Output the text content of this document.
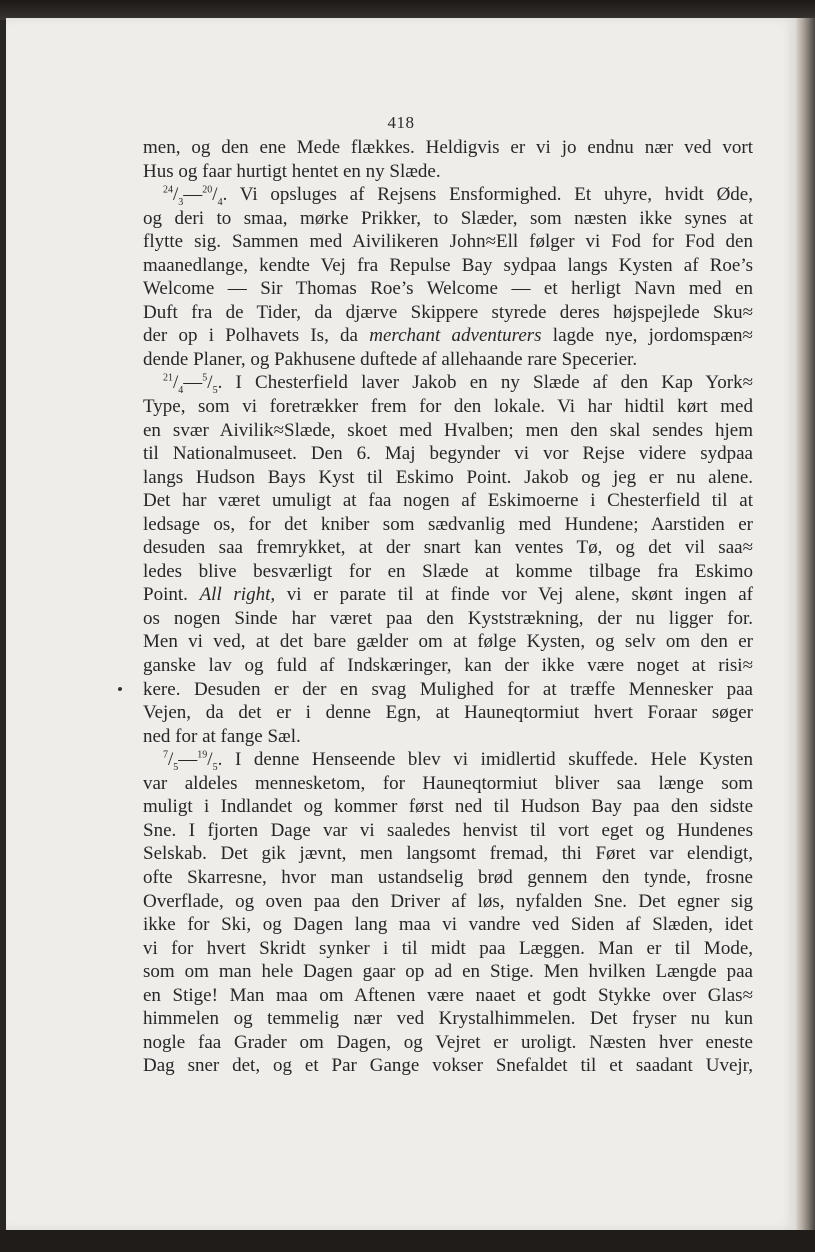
418
men, og den ene Mede flækkes. Heldigvis er vi jo endnu nær ved vort
Hus og faar hurtigt hentet en ny Slæde.
$^{24}/_3—^{20}/_4$. Vi opsluges af Rejsens Ensformighed. Et uhyre, hvidt Øde,
og deri to smaa, mørke Prikker, to Slæder, som næsten ikke synes at
flytte sig. Sammen med Aivilikeren John≈Ell følger vi Fod for Fod den
maanedlange, kendte Vej fra Repulse Bay sydpaa langs Kysten af Roe’s
Welcome — Sir Thomas Roe’s Welcome — et herligt Navn med en
Duft fra de Tider, da djærve Skippere styrede deres højspejlede Sku≈
der op i Polhavets Is, da merchant adventurers lagde nye, jordomspæn≈
dende Planer, og Pakhusene duftede af allehaande rare Specerier.
$^{21}/_4—^5/_5$. I Chesterfield laver Jakob en ny Slæde af den Kap York≈
Type, som vi foretrækker frem for den lokale. Vi har hidtil kørt med
en svær Aivilik≈Slæde, skoet med Hvalben; men den skal sendes hjem
til Nationalmuseet. Den 6. Maj begynder vi vor Rejse videre sydpaa
langs Hudson Bays Kyst til Eskimo Point. Jakob og jeg er nu alene.
Det har været umuligt at faa nogen af Eskimoerne i Chesterfield til at
ledsage os, for det kniber som sædvanlig med Hundene; Aarstiden er
desuden saa fremrykket, at der snart kan ventes Tø, og det vil saa≈
ledes blive besværligt for en Slæde at komme tilbage fra Eskimo
Point. All right, vi er parate til at finde vor Vej alene, skønt ingen af
os nogen Sinde har været paa den Kyststrækning, der nu ligger for.
Men vi ved, at det bare gælder om at følge Kysten, og selv om den er
ganske lav og fuld af Indskæringer, kan der ikke være noget at risi≈
kere. Desuden er der en svag Mulighed for at træffe Mennesker paa
Vejen, da det er i denne Egn, at Hauneqtormiut hvert Foraar søger
ned for at fange Sæl.
$^7/_5—^{19}/_5$. I denne Henseende blev vi imidlertid skuffede. Hele Kysten
var aldeles mennesketom, for Hauneqtormiut bliver saa længe som
muligt i Indlandet og kommer først ned til Hudson Bay paa den sidste
Sne. I fjorten Dage var vi saaledes henvist til vort eget og Hundenes
Selskab. Det gik jævnt, men langsomt fremad, thi Føret var elendigt,
ofte Skarresne, hvor man ustandselig brød gennem den tynde, frosne
Overflade, og oven paa den Driver af løs, nyfalden Sne. Det egner sig
ikke for Ski, og Dagen lang maa vi vandre ved Siden af Slæden, idet
vi for hvert Skridt synker i til midt paa Læggen. Man er til Mode,
som om man hele Dagen gaar op ad en Stige. Men hvilken Længde paa
en Stige! Man maa om Aftenen være naaet et godt Stykke over Glas≈
himmelen og temmelig nær ved Krystalhimmelen. Det fryser nu kun
nogle faa Grader om Dagen, og Vejret er uroligt. Næsten hver eneste
Dag sner det, og et Par Gange vokser Snefaldet til et saadant Uvejr,
